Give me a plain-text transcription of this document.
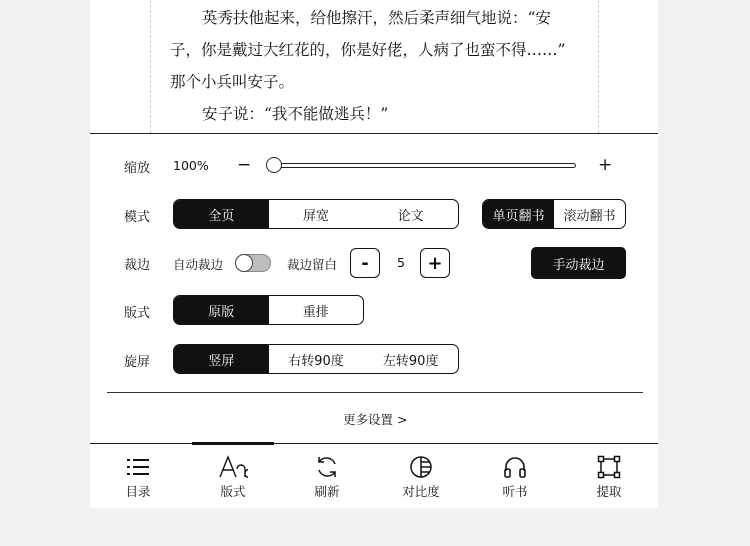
英秀扶他起来，给他擦汗，然后柔声细气地说：“安

子，你是戴过大红花的，你是好佬，人病了也蛮不得……”

那个小兵叫安子。

安子说：“我不能做逃兵！”

缩放 100% −	+
模式	全页	屏宽	论文	单页翻书	滚动翻书
裁边 自动裁边	裁边留白	-	5	+	手动裁边
版式	原版	重排
旋屏	竖屏	右转90度	左转90度
更多设置 >
目录	版式	刷新	对比度	听书	提取
